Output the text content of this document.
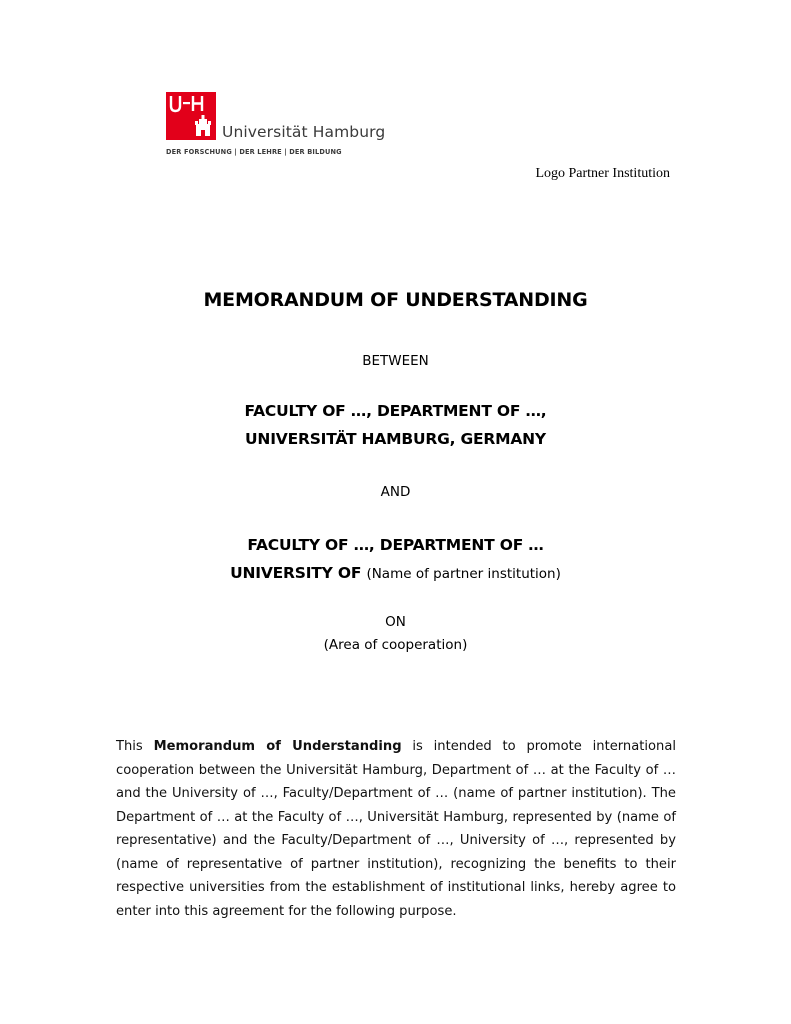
Universität Hamburg
DER FORSCHUNG | DER LEHRE | DER BILDUNG
Logo Partner Institution
MEMORANDUM OF UNDERSTANDING
BETWEEN
FACULTY OF …, DEPARTMENT OF …,
UNIVERSITÄT HAMBURG, GERMANY
AND
FACULTY OF …, DEPARTMENT OF …
UNIVERSITY OF (Name of partner institution)
ON
(Area of cooperation)
This Memorandum of Understanding is intended to promote international cooperation between the Universität Hamburg, Department of … at the Faculty of … and the University of …, Faculty/Department of … (name of partner institution). The Department of … at the Faculty of …, Universität Hamburg, represented by (name of representative) and the Faculty/Department of …, University of …, represented by (name of representative of partner institution), recognizing the benefits to their respective universities from the establishment of institutional links, hereby agree to enter into this agreement for the following purpose.
